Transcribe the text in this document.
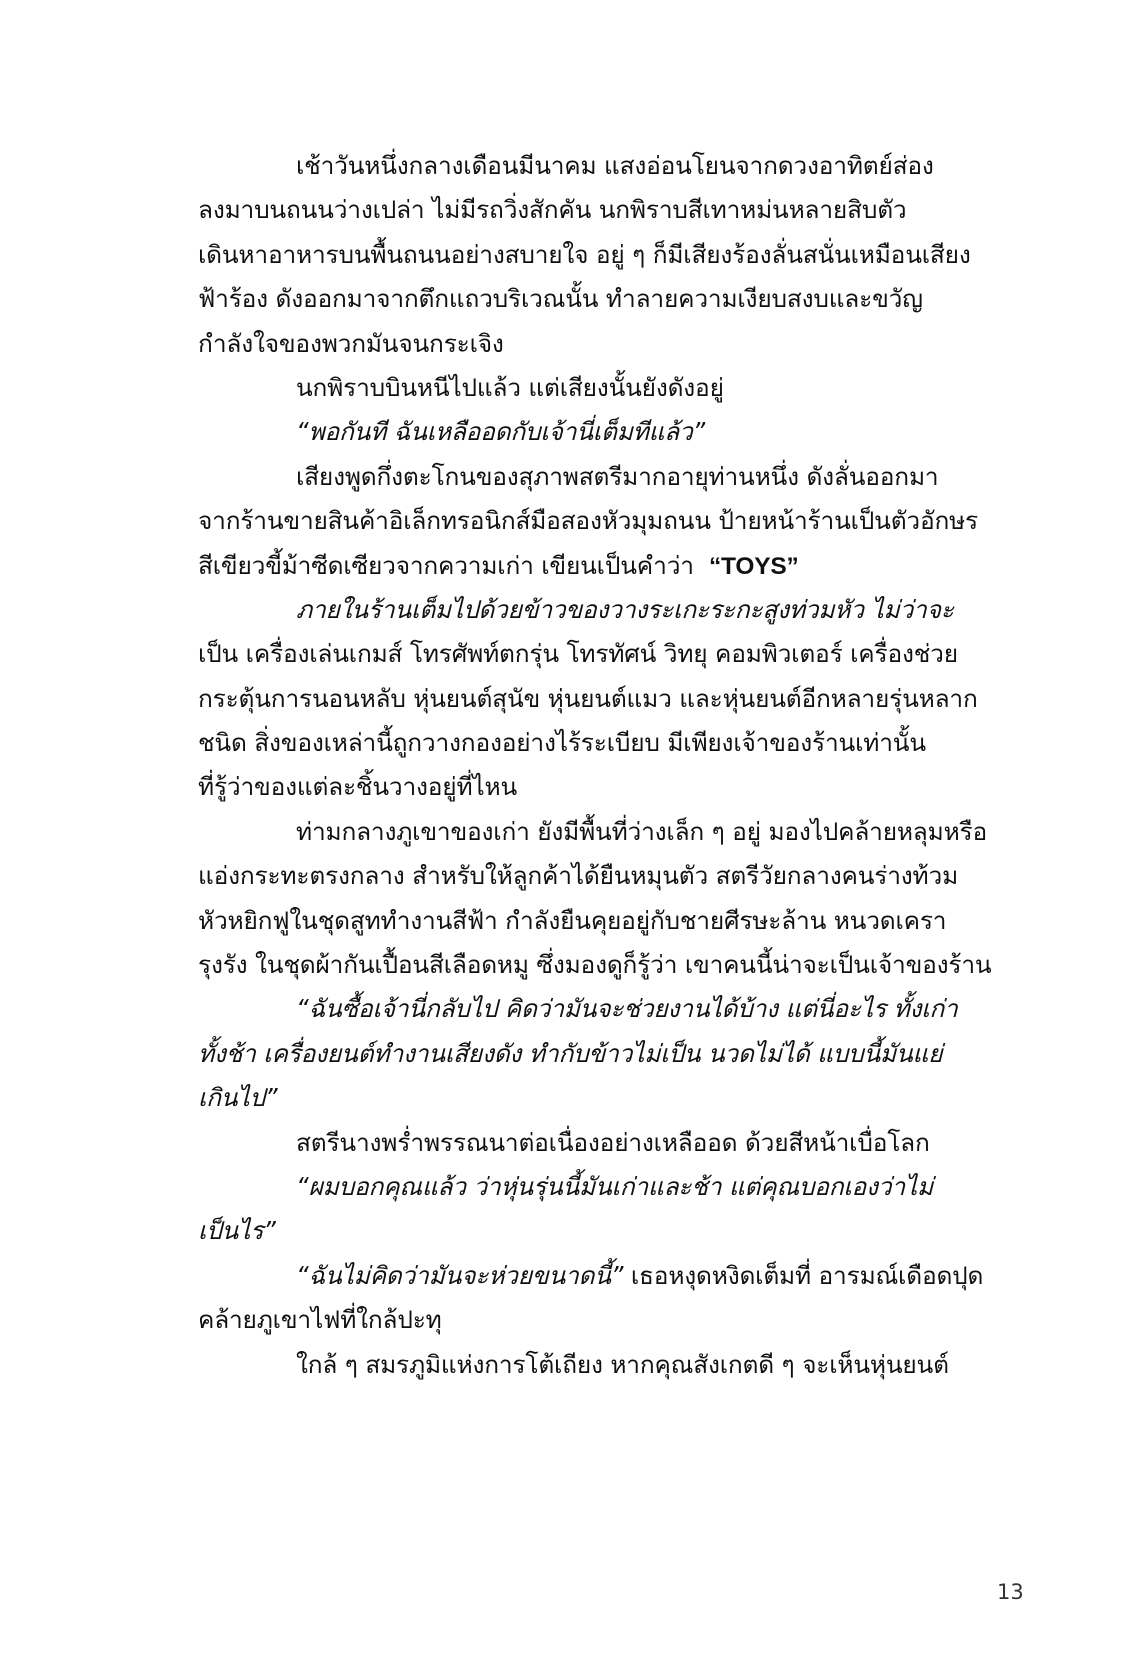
เช้าวันหนึ่งกลางเดือนมีนาคม แสงอ่อนโยนจากดวงอาทิตย์ส่อง
ลงมาบนถนนว่างเปล่า ไม่มีรถวิ่งสักคัน นกพิราบสีเทาหม่นหลายสิบตัว
เดินหาอาหารบนพื้นถนนอย่างสบายใจ อยู่ ๆ ก็มีเสียงร้องลั่นสนั่นเหมือนเสียง
ฟ้าร้อง ดังออกมาจากตึกแถวบริเวณนั้น ทำลายความเงียบสงบและขวัญ
กำลังใจของพวกมันจนกระเจิง
นกพิราบบินหนีไปแล้ว แต่เสียงนั้นยังดังอยู่
“พอกันที ฉันเหลืออดกับเจ้านี่เต็มทีแล้ว”
เสียงพูดกึ่งตะโกนของสุภาพสตรีมากอายุท่านหนึ่ง ดังลั่นออกมา
จากร้านขายสินค้าอิเล็กทรอนิกส์มือสองหัวมุมถนน ป้ายหน้าร้านเป็นตัวอักษร
สีเขียวขี้ม้าซีดเซียวจากความเก่า เขียนเป็นคำว่า “TOYS”
ภายในร้านเต็มไปด้วยข้าวของวางระเกะระกะสูงท่วมหัว ไม่ว่าจะ
เป็น เครื่องเล่นเกมส์ โทรศัพท์ตกรุ่น โทรทัศน์ วิทยุ คอมพิวเตอร์ เครื่องช่วย
กระตุ้นการนอนหลับ หุ่นยนต์สุนัข หุ่นยนต์แมว และหุ่นยนต์อีกหลายรุ่นหลาก
ชนิด สิ่งของเหล่านี้ถูกวางกองอย่างไร้ระเบียบ มีเพียงเจ้าของร้านเท่านั้น
ที่รู้ว่าของแต่ละชิ้นวางอยู่ที่ไหน
ท่ามกลางภูเขาของเก่า ยังมีพื้นที่ว่างเล็ก ๆ อยู่ มองไปคล้ายหลุมหรือ
แอ่งกระทะตรงกลาง สำหรับให้ลูกค้าได้ยืนหมุนตัว สตรีวัยกลางคนร่างท้วม
หัวหยิกฟูในชุดสูททำงานสีฟ้า กำลังยืนคุยอยู่กับชายศีรษะล้าน หนวดเครา
รุงรัง ในชุดผ้ากันเปื้อนสีเลือดหมู ซึ่งมองดูก็รู้ว่า เขาคนนี้น่าจะเป็นเจ้าของร้าน
“ฉันซื้อเจ้านี่กลับไป คิดว่ามันจะช่วยงานได้บ้าง แต่นี่อะไร ทั้งเก่า
ทั้งช้า เครื่องยนต์ทำงานเสียงดัง ทำกับข้าวไม่เป็น นวดไม่ได้ แบบนี้มันแย่
เกินไป”
สตรีนางพร่ำพรรณนาต่อเนื่องอย่างเหลืออด ด้วยสีหน้าเบื่อโลก
“ผมบอกคุณแล้ว ว่าหุ่นรุ่นนี้มันเก่าและช้า แต่คุณบอกเองว่าไม่
เป็นไร”
“ฉันไม่คิดว่ามันจะห่วยขนาดนี้” เธอหงุดหงิดเต็มที่ อารมณ์เดือดปุด
คล้ายภูเขาไฟที่ใกล้ปะทุ
ใกล้ ๆ สมรภูมิแห่งการโต้เถียง หากคุณสังเกตดี ๆ จะเห็นหุ่นยนต์
13
